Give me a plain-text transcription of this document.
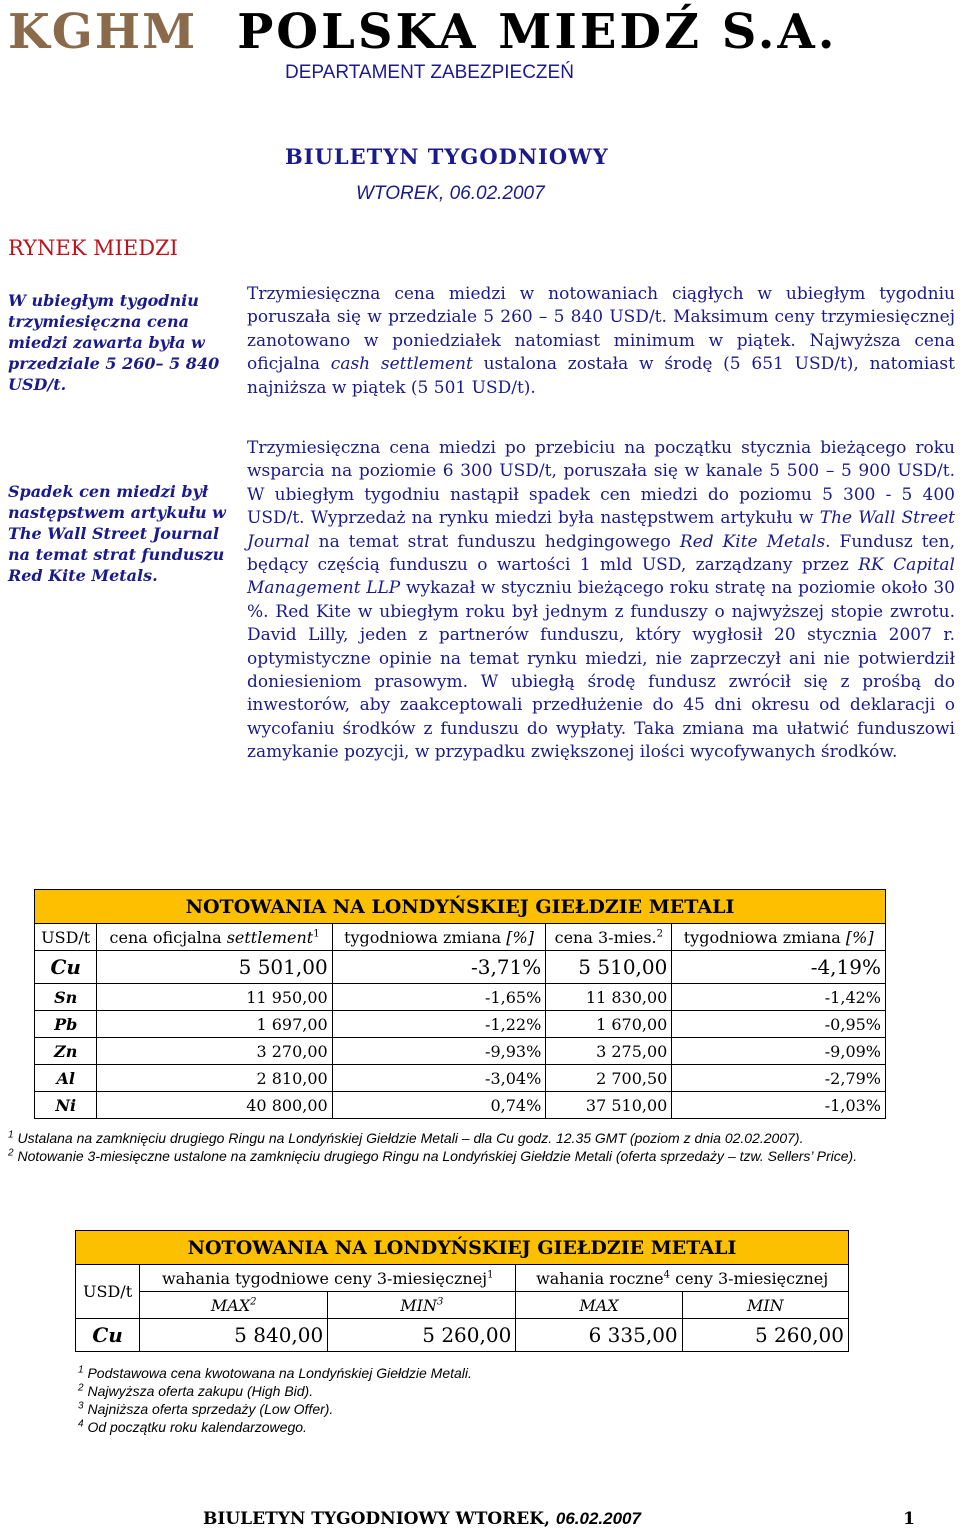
KGHM POLSKA MIEDŹ S.A.
DEPARTAMENT ZABEZPIECZEŃ
BIULETYN TYGODNIOWY
WTOREK, 06.02.2007
RYNEK MIEDZI
W ubiegłym tygodniu trzymiesięczna cena miedzi zawarta była w przedziale 5 260– 5 840 USD/t.
Spadek cen miedzi był następstwem artykułu w The Wall Street Journal na temat strat funduszu Red Kite Metals.
Trzymiesięczna cena miedzi w notowaniach ciągłych w ubiegłym tygodniu poruszała się w przedziale 5 260 – 5 840 USD/t. Maksimum ceny trzymiesięcznej zanotowano w poniedziałek natomiast minimum w piątek. Najwyższa cena oficjalna cash settlement ustalona została w środę (5 651 USD/t), natomiast najniższa w piątek (5 501 USD/t).
Trzymiesięczna cena miedzi po przebiciu na początku stycznia bieżącego roku wsparcia na poziomie 6 300 USD/t, poruszała się w kanale 5 500 – 5 900 USD/t. W ubiegłym tygodniu nastąpił spadek cen miedzi do poziomu 5 300 - 5 400 USD/t. Wyprzedaż na rynku miedzi była następstwem artykułu w The Wall Street Journal na temat strat funduszu hedgingowego Red Kite Metals. Fundusz ten, będący częścią funduszu o wartości 1 mld USD, zarządzany przez RK Capital Management LLP wykazał w styczniu bieżącego roku stratę na poziomie około 30 %. Red Kite w ubiegłym roku był jednym z funduszy o najwyższej stopie zwrotu. David Lilly, jeden z partnerów funduszu, który wygłosił 20 stycznia 2007 r. optymistyczne opinie na temat rynku miedzi, nie zaprzeczył ani nie potwierdził doniesieniom prasowym. W ubiegłą środę fundusz zwrócił się z prośbą do inwestorów, aby zaakceptowali przedłużenie do 45 dni okresu od deklaracji o wycofaniu środków z funduszu do wypłaty. Taka zmiana ma ułatwić funduszowi zamykanie pozycji, w przypadku zwiększonej ilości wycofywanych środków.
NOTOWANIA NA LONDYŃSKIEJ GIEŁDZIE METALI				
USD/t	cena oficjalna settlement$^1$	tygodniowa zmiana [%]	cena 3-mies.$^2$	tygodniowa zmiana [%]
Cu	5 501,00	-3,71%	5 510,00	-4,19%
Sn	11 950,00	-1,65%	11 830,00	-1,42%
Pb	1 697,00	-1,22%	1 670,00	-0,95%
Zn	3 270,00	-9,93%	3 275,00	-9,09%
Al	2 810,00	-3,04%	2 700,50	-2,79%
Ni	40 800,00	0,74%	37 510,00	-1,03%
$^1$ Ustalana na zamknięciu drugiego Ringu na Londyńskiej Giełdzie Metali – dla Cu godz. 12.35 GMT (poziom z dnia 02.02.2007).
$^2$ Notowanie 3-miesięczne ustalone na zamknięciu drugiego Ringu na Londyńskiej Giełdzie Metali (oferta sprzedaży – tzw. Sellers’ Price).
NOTOWANIA NA LONDYŃSKIEJ GIEŁDZIE METALI				
USD/t	wahania tygodniowe ceny 3-miesięcznej$^1$		wahania roczne$^4$ ceny 3-miesięcznej	
	MAX$^2$	MIN$^3$	MAX	MIN
Cu	5 840,00	5 260,00	6 335,00	5 260,00
$^1$ Podstawowa cena kwotowana na Londyńskiej Giełdzie Metali.
$^2$ Najwyższa oferta zakupu (High Bid).
$^3$ Najniższa oferta sprzedaży (Low Offer).
$^4$ Od początku roku kalendarzowego.
BIULETYN TYGODNIOWY WTOREK, 06.02.2007	1
